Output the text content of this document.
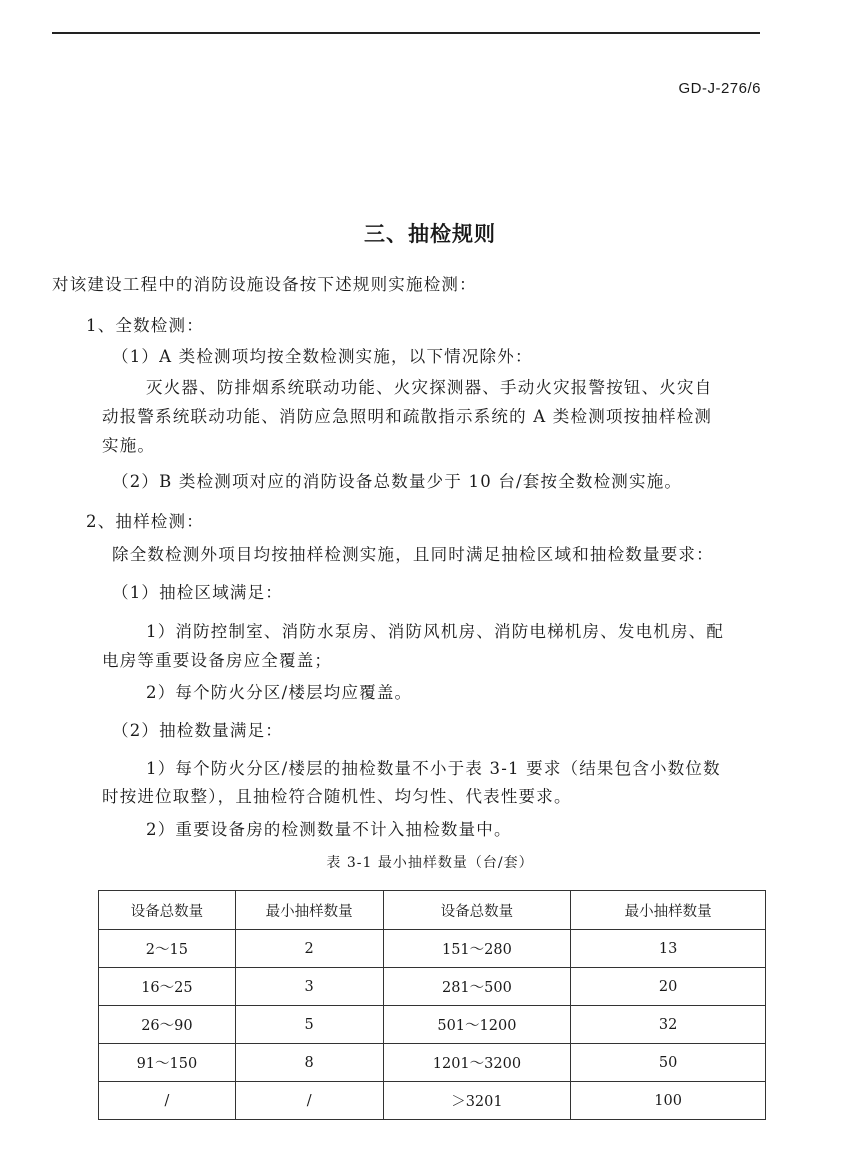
GD-J-276/6
三、抽检规则
对该建设工程中的消防设施设备按下述规则实施检测：
1、全数检测：
（1）A 类检测项均按全数检测实施，以下情况除外：
灭火器、防排烟系统联动功能、火灾探测器、手动火灾报警按钮、火灾自
动报警系统联动功能、消防应急照明和疏散指示系统的 A 类检测项按抽样检测
实施。
（2）B 类检测项对应的消防设备总数量少于 10 台/套按全数检测实施。
2、抽样检测：
除全数检测外项目均按抽样检测实施，且同时满足抽检区域和抽检数量要求：
（1）抽检区域满足：
1）消防控制室、消防水泵房、消防风机房、消防电梯机房、发电机房、配
电房等重要设备房应全覆盖；
2）每个防火分区/楼层均应覆盖。
（2）抽检数量满足：
1）每个防火分区/楼层的抽检数量不小于表 3-1 要求（结果包含小数位数
时按进位取整），且抽检符合随机性、均匀性、代表性要求。
2）重要设备房的检测数量不计入抽检数量中。
表 3-1 最小抽样数量（台/套）
设备总数量	最小抽样数量	设备总数量	最小抽样数量
2～15	2	151～280	13
16～25	3	281～500	20
26～90	5	501～1200	32
91～150	8	1201～3200	50
/	/	＞3201	100
